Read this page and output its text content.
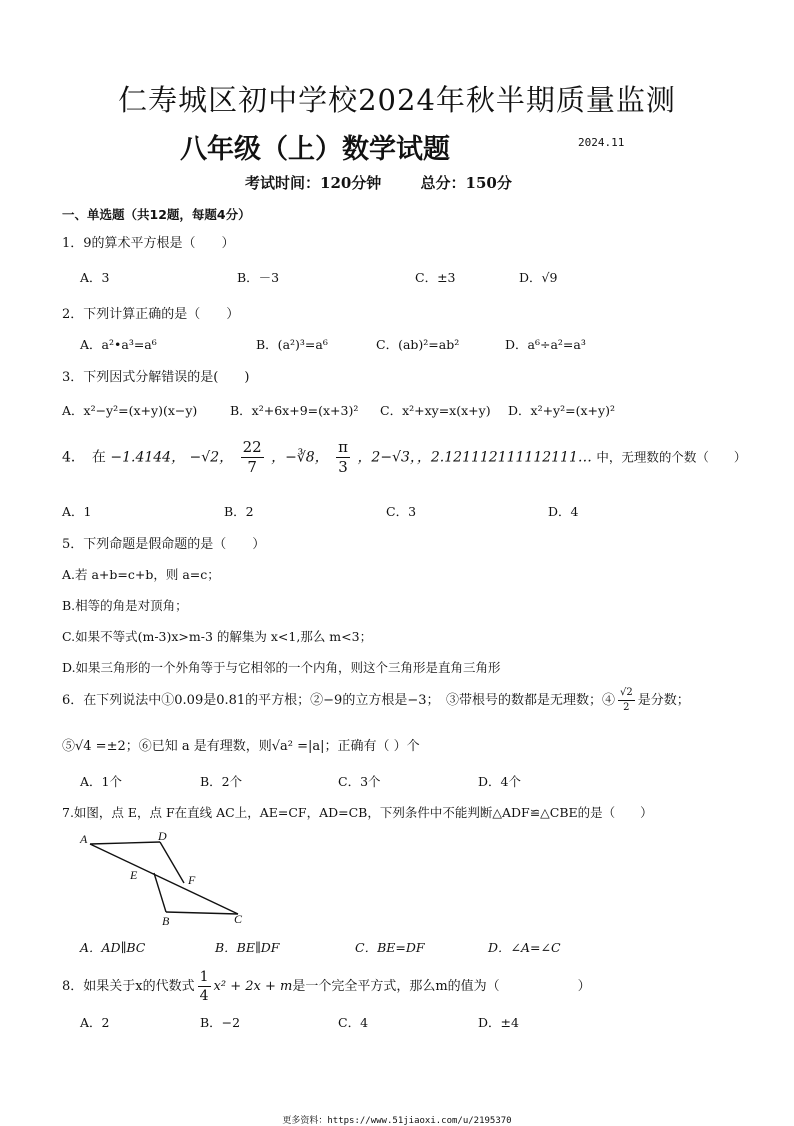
仁寿城区初中学校2024年秋半期质量监测
八年级（上）数学试题	2024.11
考试时间：120分钟	总分：150分
一、单选题（共12题，每题4分）
1．9的算术平方根是（　　）
A．3	B．－3	C．±3	D．√9
2．下列计算正确的是（　　）
A．a²•a³=a⁶	B．(a²)³=a⁶	C．(ab)²=ab²	D．a⁶÷a²=a³
3．下列因式分解错误的是(　　)
A．x²−y²=(x+y)(x−y)	B．x²+6x+9=(x+3)² C．x²+xy=x(x+y) D．x²+y²=(x+y)²
4．　在 −1.4144， −√2， $\frac{22}{7}$ ，−∛8， $\frac{\pi}{3}$ ，2−√3，，2.121112111112111… 中，无理数的个数（　　）
A．1	B．2	C．3	D．4
5．下列命题是假命题的是（　　）
A.若 a+b=c+b，则 a=c；
B.相等的角是对顶角；
C.如果不等式(m-3)x>m-3 的解集为 x<1,那么 m<3；
D.如果三角形的一个外角等于与它相邻的一个内角，则这个三角形是直角三角形
6．在下列说法中①0.09是0.81的平方根；②−9的立方根是−3；　③带根号的数都是无理数；④ $\frac{√2}{2}$ 是分数；
⑤√4 =±2；⑥已知 a 是有理数，则√a² =|a|；正确有（ ）个
A．1个	B．2个	C．3个	D．4个
7.如图，点 E，点 F在直线 AC上，AE=CF，AD=CB，下列条件中不能判断△ADF≌△CBE的是（　　）
A	D
E	F
B	C
A．AD∥BC	B．BE∥DF	C．BE=DF	D．∠A=∠C
8．如果关于x的代数式 $\frac{1}{4} x^2 + 2x + m$是一个完全平方式，那么m的值为（　　　　　　）
A．2	B．−2	C．4	D．±4
更多资料：https://www.51jiaoxi.com/u/2195370
